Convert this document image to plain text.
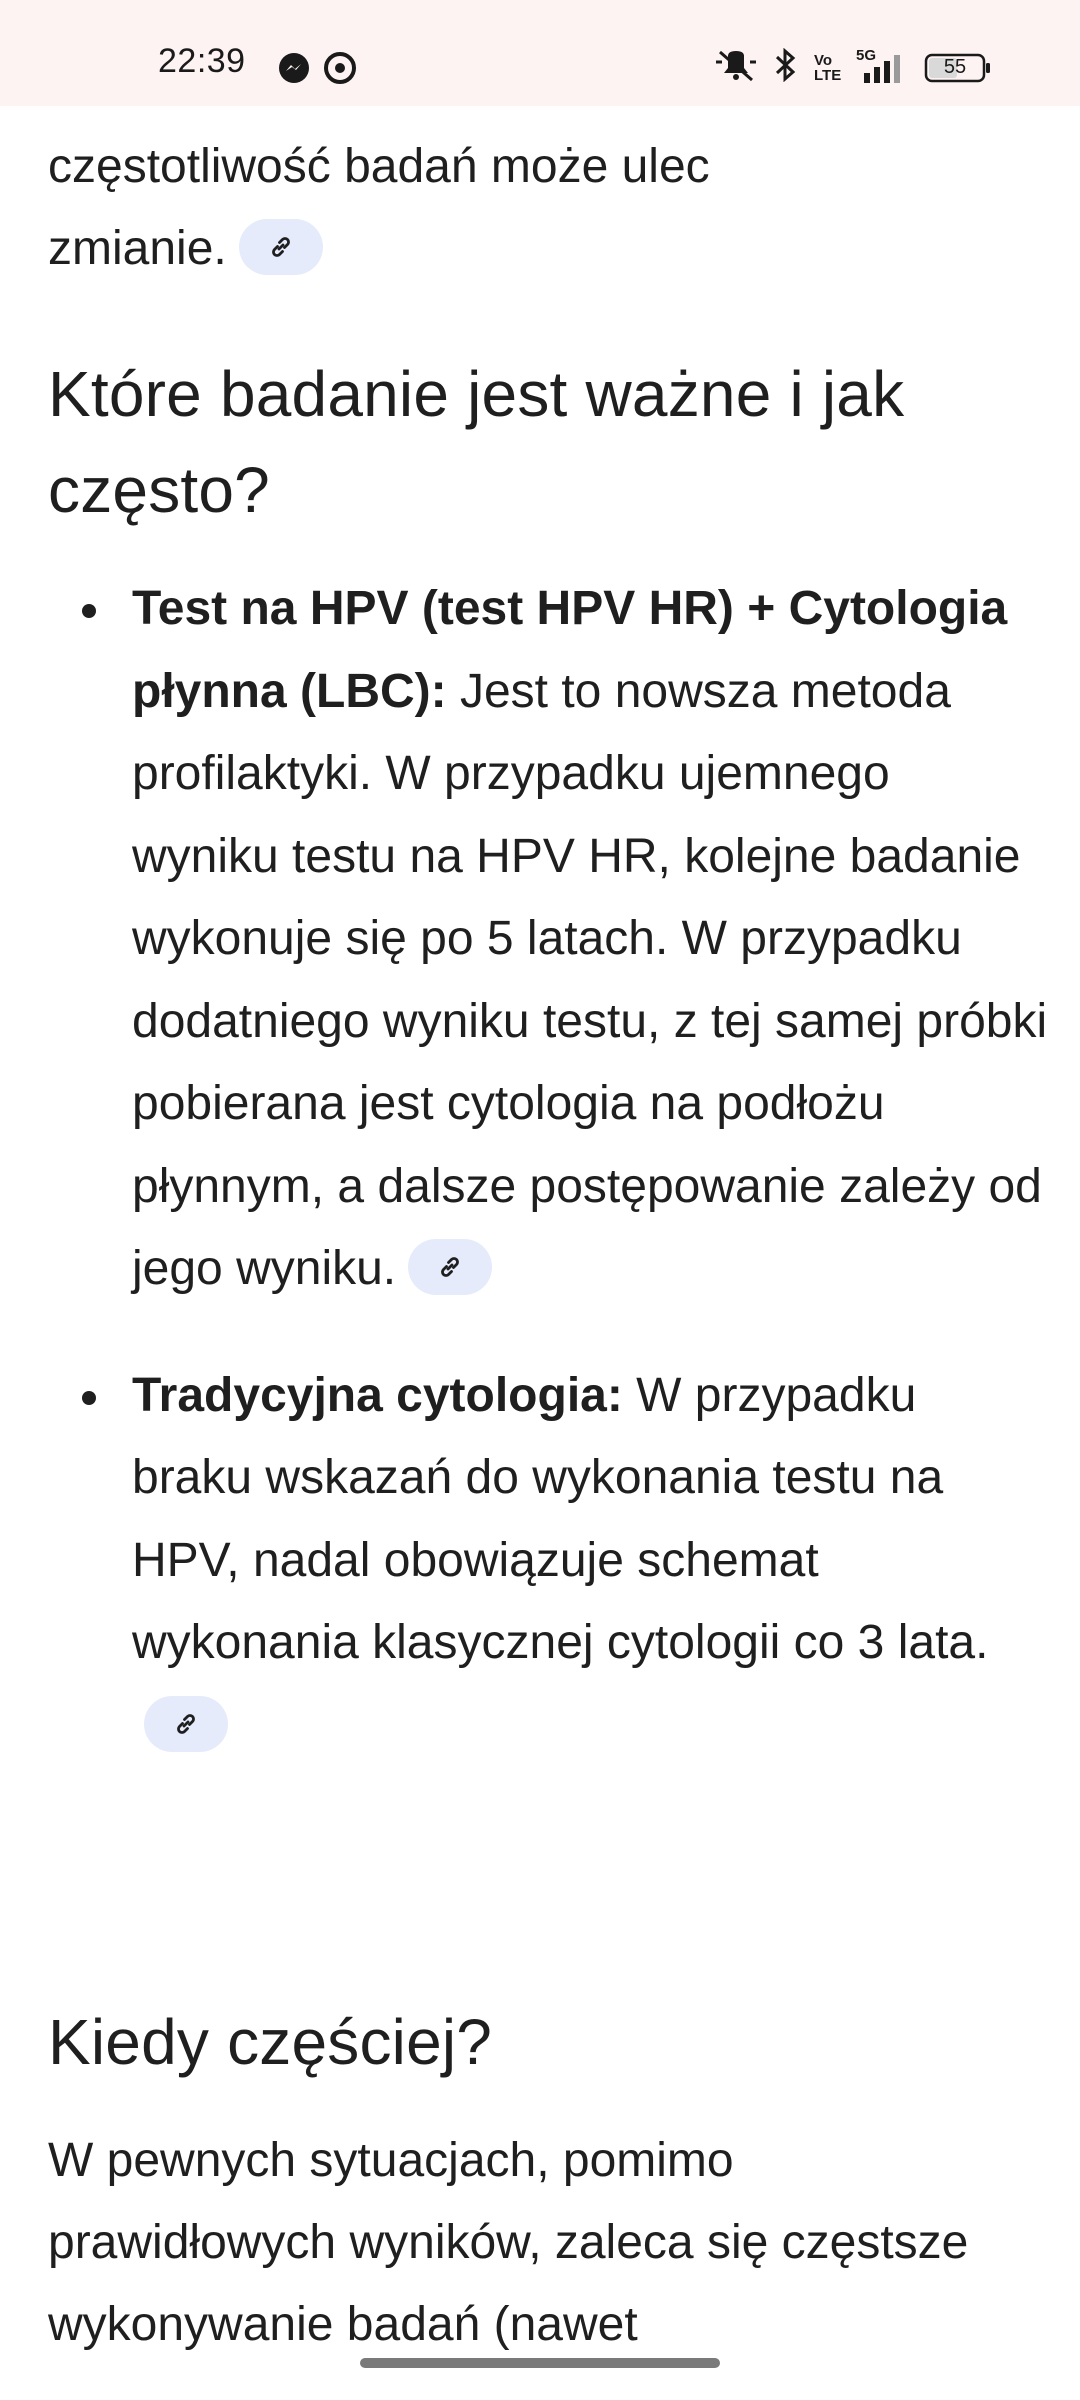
22:39	Vo
LTE
5G
55

częstotliwość badań może ulec
zmianie.

Które badanie jest ważne i jak często?
Test na HPV (test HPV HR) + Cytologia płynna (LBC): Jest to nowsza metoda profilaktyki. W przypadku ujemnego wyniku testu na HPV HR, kolejne badanie wykonuje się po 5 latach. W przypadku dodatniego wyniku testu, z tej samej próbki pobierana jest cytologia na podłożu płynnym, a dalsze postępowanie zależy od jego wyniku.
Tradycyjna cytologia: W przypadku braku wskazań do wykonania testu na HPV, nadal obowiązuje schemat wykonania klasycznej cytologii co 3 lata.
Kiedy częściej?

W pewnych sytuacjach, pomimo prawidłowych wyników, zaleca się częstsze wykonywanie badań (nawet
